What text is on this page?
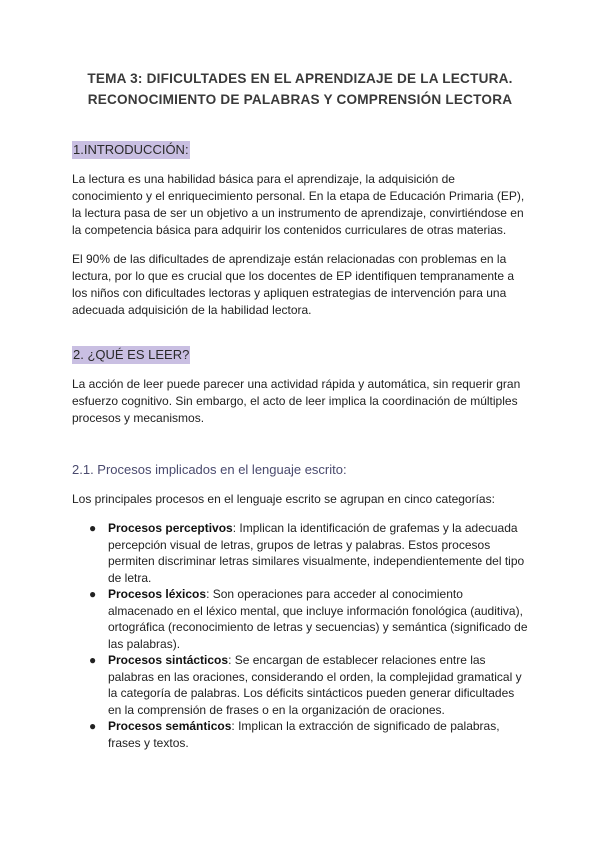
TEMA 3: DIFICULTADES EN EL APRENDIZAJE DE LA LECTURA.
RECONOCIMIENTO DE PALABRAS Y COMPRENSIÓN LECTORA
1.INTRODUCCIÓN:

La lectura es una habilidad básica para el aprendizaje, la adquisición de conocimiento y el enriquecimiento personal. En la etapa de Educación Primaria (EP), la lectura pasa de ser un objetivo a un instrumento de aprendizaje, convirtiéndose en la competencia básica para adquirir los contenidos curriculares de otras materias.

El 90% de las dificultades de aprendizaje están relacionadas con problemas en la lectura, por lo que es crucial que los docentes de EP identifiquen tempranamente a los niños con dificultades lectoras y apliquen estrategias de intervención para una adecuada adquisición de la habilidad lectora.

2. ¿QUÉ ES LEER?

La acción de leer puede parecer una actividad rápida y automática, sin requerir gran esfuerzo cognitivo. Sin embargo, el acto de leer implica la coordinación de múltiples procesos y mecanismos.

2.1. Procesos implicados en el lenguaje escrito:

Los principales procesos en el lenguaje escrito se agrupan en cinco categorías:

● Procesos perceptivos: Implican la identificación de grafemas y la adecuada percepción visual de letras, grupos de letras y palabras. Estos procesos permiten discriminar letras similares visualmente, independientemente del tipo de letra.
● Procesos léxicos: Son operaciones para acceder al conocimiento almacenado en el léxico mental, que incluye información fonológica (auditiva), ortográfica (reconocimiento de letras y secuencias) y semántica (significado de las palabras).
● Procesos sintácticos: Se encargan de establecer relaciones entre las palabras en las oraciones, considerando el orden, la complejidad gramatical y la categoría de palabras. Los déficits sintácticos pueden generar dificultades en la comprensión de frases o en la organización de oraciones.
● Procesos semánticos: Implican la extracción de significado de palabras, frases y textos.
